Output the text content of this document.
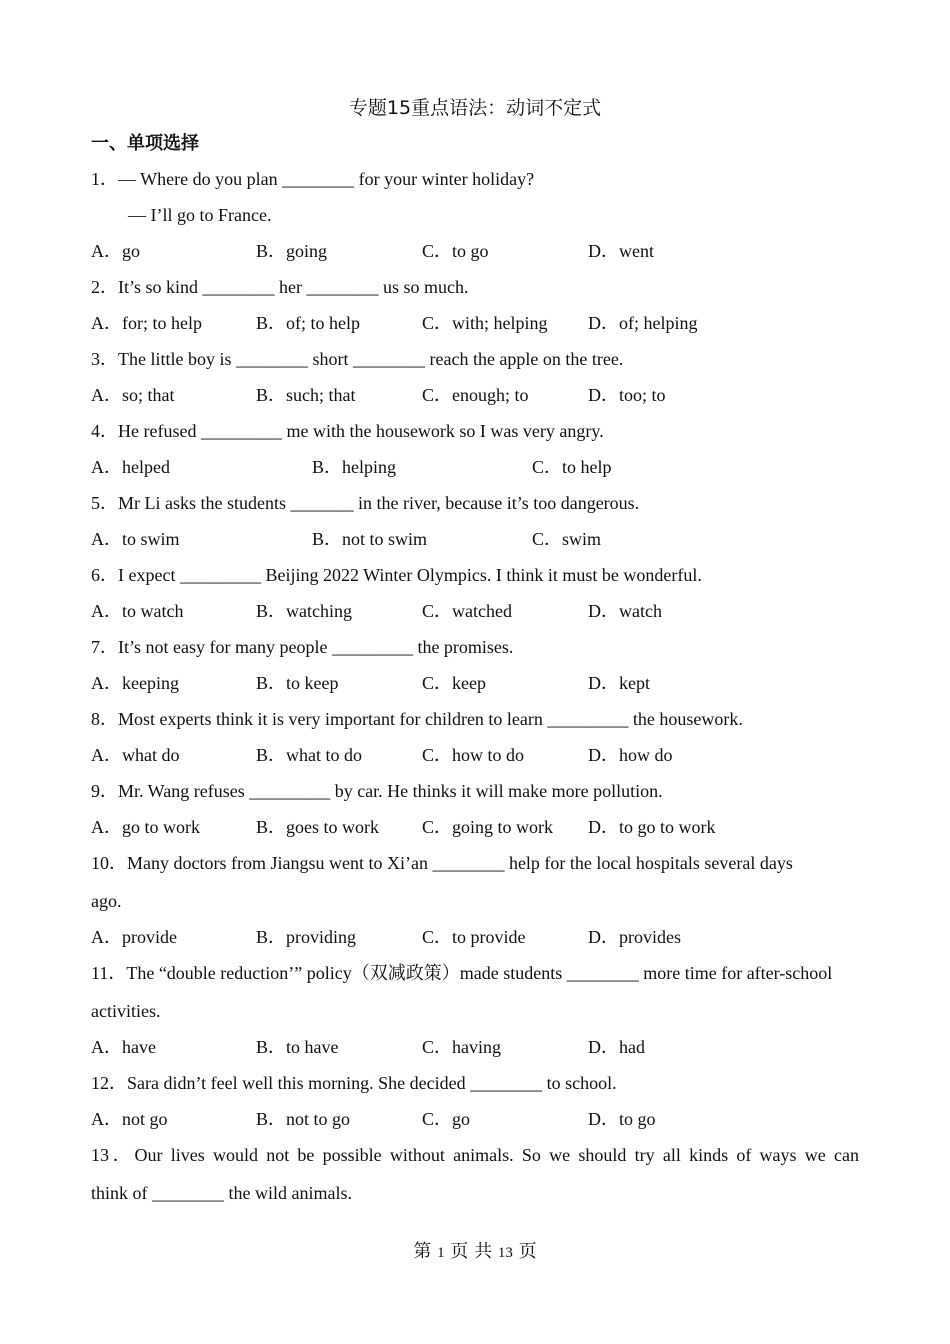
专题15重点语法：动词不定式
一、单项选择
1．— Where do you plan ________ for your winter holiday?
— I’ll go to France.
A．go	B．going	C．to go	D．went
2．It’s so kind ________ her ________ us so much.
A．for; to help	B．of; to help	C．with; helping D．of; helping
3．The little boy is ________ short ________ reach the apple on the tree.
A．so; that	B．such; that	C．enough; to	D．too; to
4．He refused _________ me with the housework so I was very angry.
A．helped	B．helping	C．to help
5．Mr Li asks the students _______ in the river, because it’s too dangerous.
A．to swim	B．not to swim	C．swim
6．I expect _________ Beijing 2022 Winter Olympics. I think it must be wonderful.
A．to watch	B．watching	C．watched	D．watch
7．It’s not easy for many people _________ the promises.
A．keeping	B．to keep	C．keep	D．kept
8．Most experts think it is very important for children to learn _________ the housework.
A．what do	B．what to do	C．how to do	D．how do
9．Mr. Wang refuses _________ by car. He thinks it will make more pollution.
A．go to work	B．goes to work C．going to work D．to go to work
10．Many doctors from Jiangsu went to Xi’an ________ help for the local hospitals several days
ago.
A．provide	B．providing	C．to provide	D．provides
11．The “double reduction’” policy（双减政策）made students ________ more time for after-school
activities.
A．have	B．to have	C．having	D．had
12．Sara didn’t feel well this morning. She decided ________ to school.
A．not go	B．not to go	C．go	D．to go
13．Our lives would not be possible without animals. So we should try all kinds of ways we can
think of ________ the wild animals.
第 1 页 共 13 页
